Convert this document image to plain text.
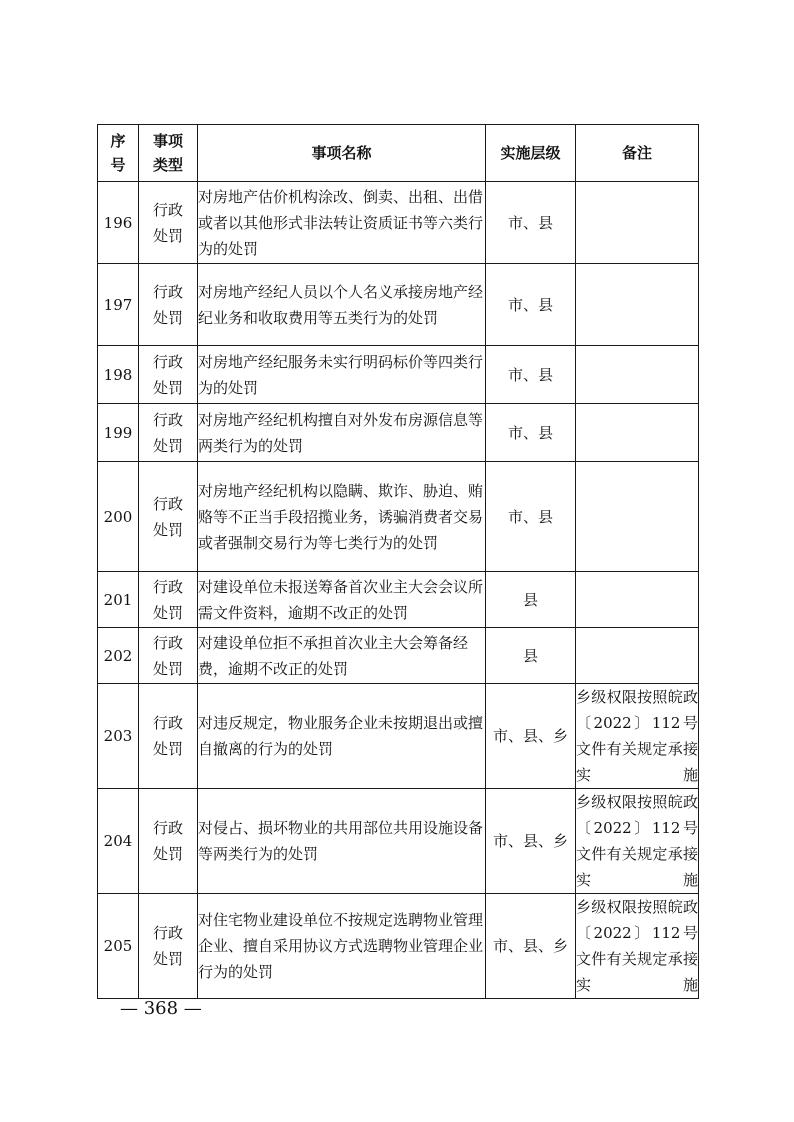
序号	事项类型	事项名称	实施层级	备注
196	行政处罚	对房地产估价机构涂改、倒卖、出租、出借或者以其他形式非法转让资质证书等六类行为的处罚	市、县	
197	行政处罚	对房地产经纪人员以个人名义承接房地产经纪业务和收取费用等五类行为的处罚	市、县	
198	行政处罚	对房地产经纪服务未实行明码标价等四类行为的处罚	市、县	
199	行政处罚	对房地产经纪机构擅自对外发布房源信息等两类行为的处罚	市、县	
200	行政处罚	对房地产经纪机构以隐瞒、欺诈、胁迫、贿赂等不正当手段招揽业务，诱骗消费者交易或者强制交易行为等七类行为的处罚	市、县	
201	行政处罚	对建设单位未报送筹备首次业主大会会议所需文件资料，逾期不改正的处罚	县	
202	行政处罚	对建设单位拒不承担首次业主大会筹备经费，逾期不改正的处罚	县	
203	行政处罚	对违反规定，物业服务企业未按期退出或擅自撤离的行为的处罚	市、县、乡	乡级权限按照皖政〔2022〕112号文件有关规定承接实施
204	行政处罚	对侵占、损坏物业的共用部位共用设施设备等两类行为的处罚	市、县、乡	乡级权限按照皖政〔2022〕112号文件有关规定承接实施
205	行政处罚	对住宅物业建设单位不按规定选聘物业管理企业、擅自采用协议方式选聘物业管理企业行为的处罚	市、县、乡	乡级权限按照皖政〔2022〕112号文件有关规定承接实施
— 368 —
